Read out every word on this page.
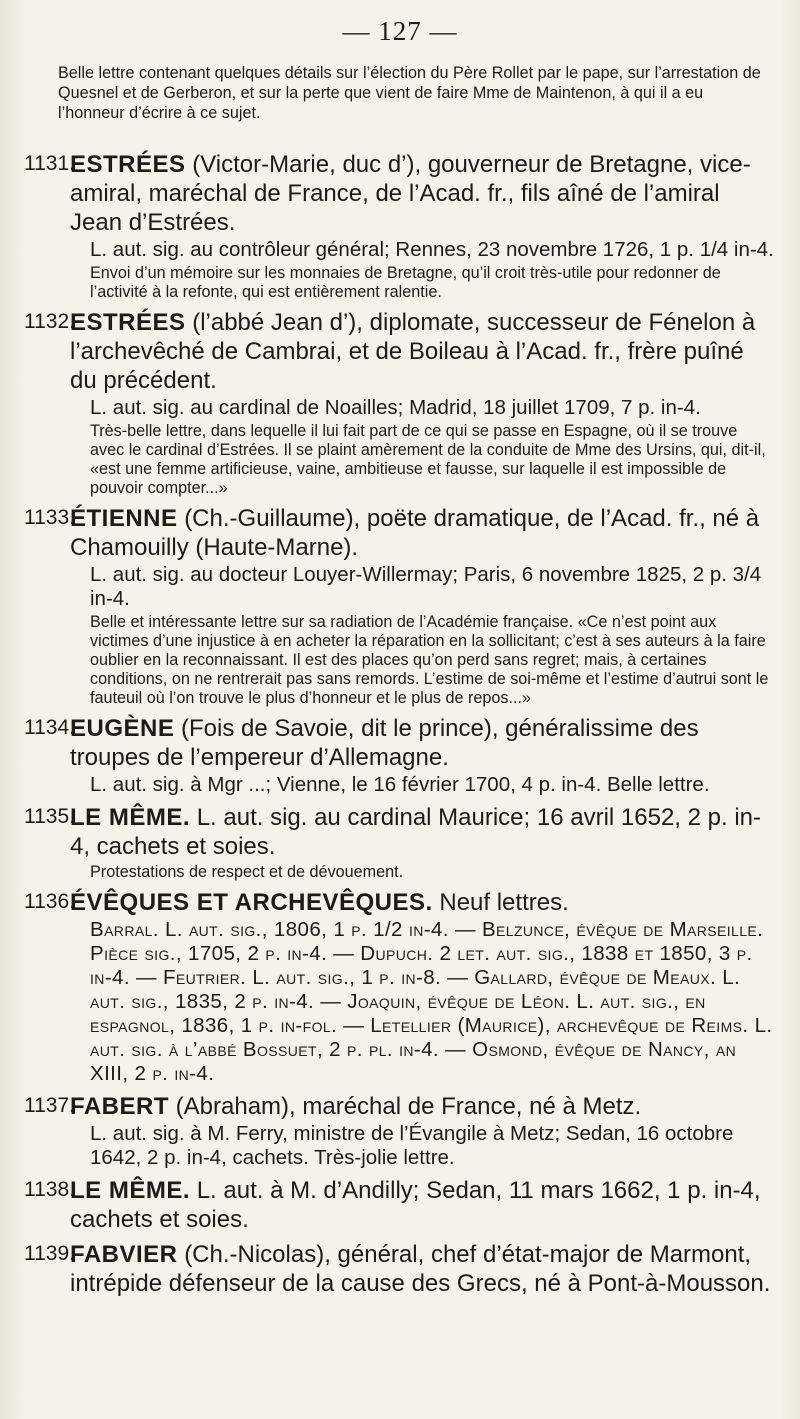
— 127 —
Belle lettre contenant quelques détails sur l’élection du Père Rollet par le pape, sur l’arrestation de Quesnel et de Gerberon, et sur la perte que vient de faire Mme de Maintenon, à qui il a eu l’honneur d’écrire à ce sujet.
1131.
ESTRÉES (Victor-Marie, duc d’), gouverneur de Bretagne, vice-amiral, maréchal de France, de l’Acad. fr., fils aîné de l’amiral Jean d’Estrées.
L. aut. sig. au contrôleur général; Rennes, 23 novembre 1726, 1 p. 1/4 in-4.
Envoi d’un mémoire sur les monnaies de Bretagne, qu’il croit très-utile pour redonner de l’activité à la refonte, qui est entièrement ralentie.
1132.
ESTRÉES (l’abbé Jean d’), diplomate, successeur de Fénelon à l’archevêché de Cambrai, et de Boileau à l’Acad. fr., frère puîné du précédent.
L. aut. sig. au cardinal de Noailles; Madrid, 18 juillet 1709, 7 p. in-4.
Très-belle lettre, dans lequelle il lui fait part de ce qui se passe en Espagne, où il se trouve avec le cardinal d’Estrées. Il se plaint amèrement de la conduite de Mme des Ursins, qui, dit-il, «est une femme artificieuse, vaine, ambitieuse et fausse, sur laquelle il est impossible de pouvoir compter...»
1133.
ÉTIENNE (Ch.-Guillaume), poëte dramatique, de l’Acad. fr., né à Chamouilly (Haute-Marne).
L. aut. sig. au docteur Louyer-Willermay; Paris, 6 novembre 1825, 2 p. 3/4 in-4.
Belle et intéressante lettre sur sa radiation de l’Académie française. «Ce n’est point aux victimes d’une injustice à en acheter la réparation en la sollicitant; c’est à ses auteurs à la faire oublier en la reconnaissant. Il est des places qu’on perd sans regret; mais, à certaines conditions, on ne rentrerait pas sans remords. L’estime de soi-même et l’estime d’autrui sont le fauteuil où l’on trouve le plus d’honneur et le plus de repos...»
1134.
EUGÈNE (Fois de Savoie, dit le prince), généralissime des troupes de l’empereur d’Allemagne.
L. aut. sig. à Mgr ...; Vienne, le 16 février 1700, 4 p. in-4. Belle lettre.
1135.
LE MÊME. L. aut. sig. au cardinal Maurice; 16 avril 1652, 2 p. in-4, cachets et soies.
Protestations de respect et de dévouement.
1136.
ÉVÊQUES ET ARCHEVÊQUES. Neuf lettres.
Barral. L. aut. sig., 1806, 1 p. 1/2 in-4. — Belzunce, évêque de Marseille. Pièce sig., 1705, 2 p. in-4. — Dupuch. 2 let. aut. sig., 1838 et 1850, 3 p. in-4. — Feutrier. L. aut. sig., 1 p. in-8. — Gallard, évêque de Meaux. L. aut. sig., 1835, 2 p. in-4. — Joaquin, évêque de Léon. L. aut. sig., en espagnol, 1836, 1 p. in-fol. — Letellier (Maurice), archevêque de Reims. L. aut. sig. à l’abbé Bossuet, 2 p. pl. in-4. — Osmond, évêque de Nancy, an XIII, 2 p. in-4.
1137.
FABERT (Abraham), maréchal de France, né à Metz.
L. aut. sig. à M. Ferry, ministre de l’Évangile à Metz; Sedan, 16 octobre 1642, 2 p. in-4, cachets. Très-jolie lettre.
1138.
LE MÊME. L. aut. à M. d’Andilly; Sedan, 11 mars 1662, 1 p. in-4, cachets et soies.
1139.
FABVIER (Ch.-Nicolas), général, chef d’état-major de Marmont, intrépide défenseur de la cause des Grecs, né à Pont-à-Mousson.
